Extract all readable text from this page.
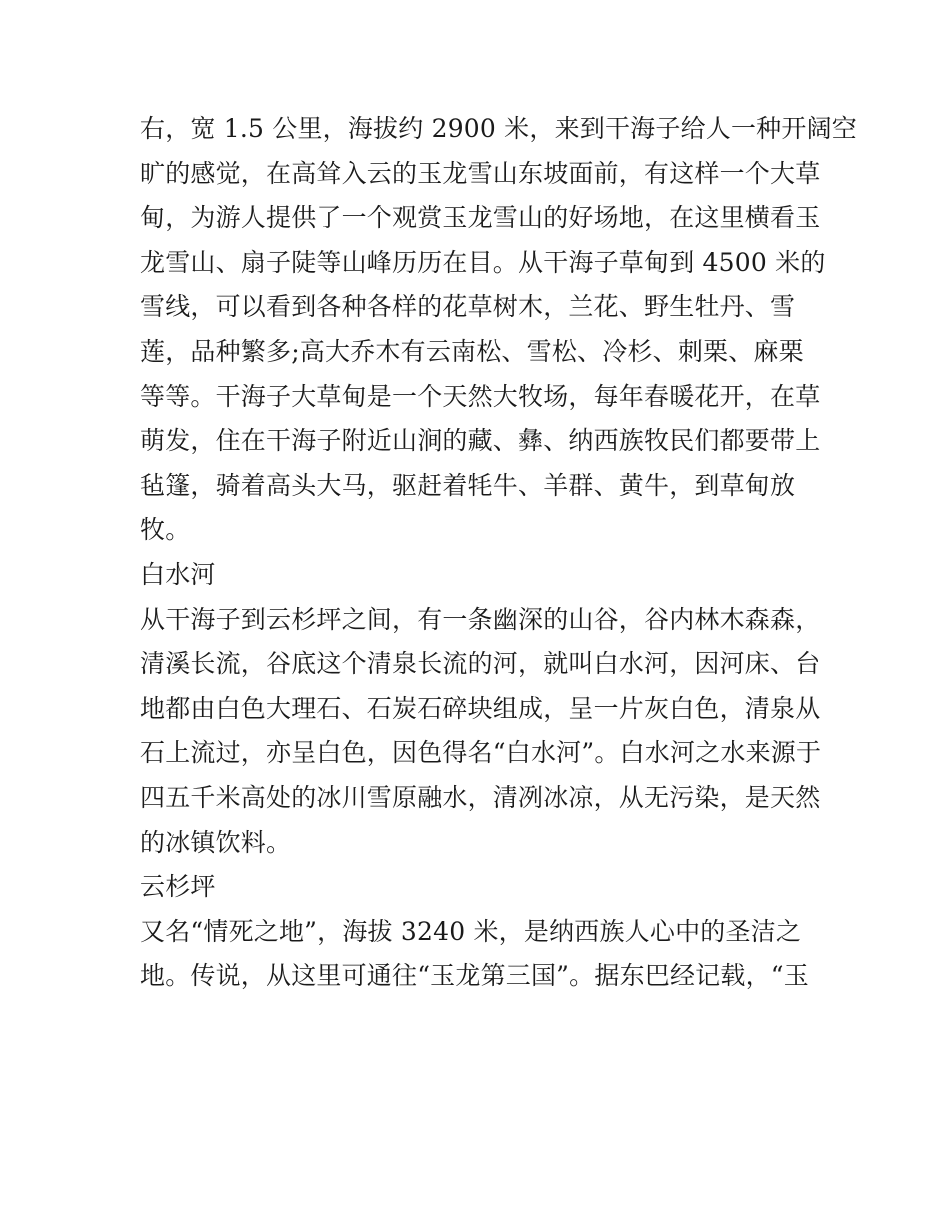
右，宽 1.5 公里，海拔约 2900 米，来到干海子给人一种开阔空
旷的感觉，在高耸入云的玉龙雪山东坡面前，有这样一个大草
甸，为游人提供了一个观赏玉龙雪山的好场地，在这里横看玉
龙雪山、扇子陡等山峰历历在目。从干海子草甸到 4500 米的
雪线，可以看到各种各样的花草树木，兰花、野生牡丹、雪
莲，品种繁多;高大乔木有云南松、雪松、冷杉、刺栗、麻栗
等等。干海子大草甸是一个天然大牧场，每年春暖花开，在草
萌发，住在干海子附近山涧的藏、彝、纳西族牧民们都要带上
毡篷，骑着高头大马，驱赶着牦牛、羊群、黄牛，到草甸放
牧。
白水河
从干海子到云杉坪之间，有一条幽深的山谷，谷内林木森森，
清溪长流，谷底这个清泉长流的河，就叫白水河，因河床、台
地都由白色大理石、石炭石碎块组成，呈一片灰白色，清泉从
石上流过，亦呈白色，因色得名“白水河”。白水河之水来源于
四五千米高处的冰川雪原融水，清冽冰凉，从无污染，是天然
的冰镇饮料。
云杉坪
又名“情死之地”，海拔 3240 米，是纳西族人心中的圣洁之
地。传说，从这里可通往“玉龙第三国”。据东巴经记载，“玉
